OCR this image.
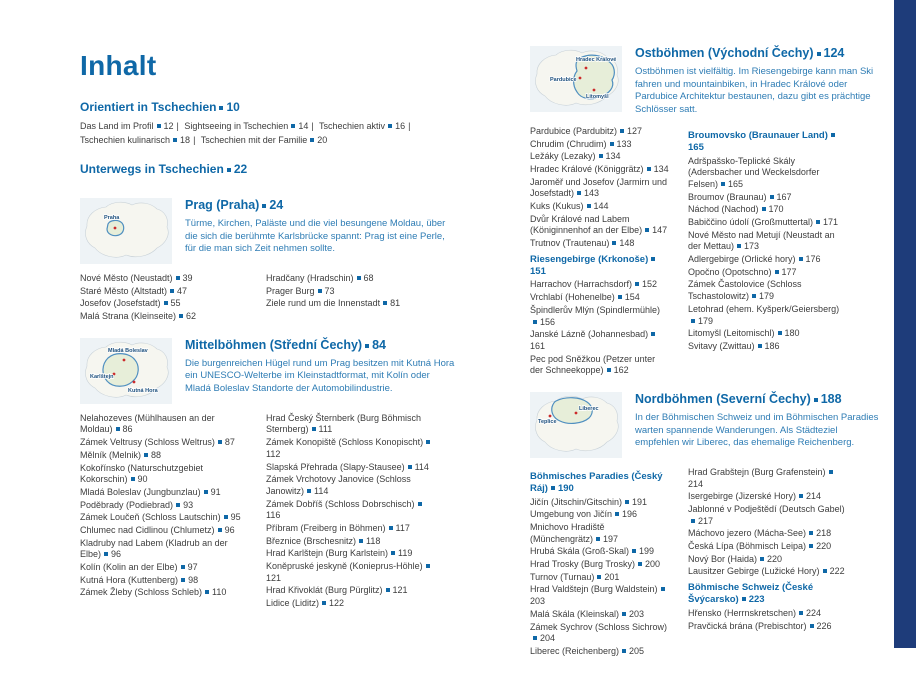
Inhalt
Orientiert in Tschechien 10
Das Land im Profil 12 | Sightseeing in Tschechien 14 | Tschechien aktiv 16 | Tschechien kulinarisch 18 | Tschechien mit der Familie 20
Unterwegs in Tschechien 22
Praha
Prag (Praha) 24

Türme, Kirchen, Paläste und die viel besungene Moldau, über die sich die berühmte Karlsbrücke spannt: Prag ist eine Perle, für die man sich Zeit nehmen sollte.

Nové Město (Neustadt) 39
Staré Město (Altstadt) 47
Josefov (Josefstadt) 55
Malá Strana (Kleinseite) 62
Hradčany (Hradschin) 68
Prager Burg 73
Ziele rund um die Innenstadt 81
Mladá Boleslav
Karlštejn
Kutná Hora
Mittelböhmen (Střední Čechy) 84

Die burgenreichen Hügel rund um Prag besitzen mit Kutná Hora ein UNESCO-Welterbe im Kleinstadtformat, mit Kolín oder Mladá Boleslav Standorte der Automobilindustrie.

Nelahozeves (Mühlhausen an der Moldau) 86
Zámek Veltrusy (Schloss Weltrus) 87
Mělník (Melnik) 88
Kokořínsko (Naturschutzgebiet Kokorschin) 90
Mladá Boleslav (Jungbunzlau) 91
Poděbrady (Podiebrad) 93
Zámek Loučeň (Schloss Lautschin) 95
Chlumec nad Cidlinou (Chlumetz) 96
Kladruby nad Labem (Kladrub an der Elbe) 96
Kolín (Kolin an der Elbe) 97
Kutná Hora (Kuttenberg) 98
Zámek Žleby (Schloss Schleb) 110
Hrad Český Šternberk (Burg Böhmisch Sternberg) 111
Zámek Konopiště (Schloss Konopischt)112
Slapská Přehrada (Slapy-Stausee) 114
Zámek Vrchotovy Janovice (Schloss Janowitz) 114
Zámek Dobříš (Schloss Dobrschisch)116
Příbram (Freiberg in Böhmen) 117
Březnice (Brschesnitz) 118
Hrad Karlštejn (Burg Karlstein) 119
Koněpruské jeskyně (Konieprus-Höhle)121
Hrad Křivoklát (Burg Pürglitz) 121
Lidice (Liditz) 122
Hradec Králové
Pardubice
Litomyšl
Ostböhmen (Východní Čechy) 124

Ostböhmen ist vielfältig. Im Riesengebirge kann man Ski fahren und mountainbiken, in Hradec Králové oder Pardubice Architektur bestaunen, dazu gibt es prächtige Schlösser satt.

Pardubice (Pardubitz) 127
Chrudim (Chrudim) 133
Ležáky (Lezaky) 134
Hradec Králové (Königgrätz) 134
Jaroměř und Josefov (Jarmirn und Josefstadt) 143
Kuks (Kukus) 144
Dvůr Králové nad Labem (Königinnenhof an der Elbe) 147
Trutnov (Trautenau) 148
Riesengebirge (Krkonoše)151
Harrachov (Harrachsdorf) 152
Vrchlabí (Hohenelbe) 154
Špindlerův Mlýn (Spindlermühle)156
Janské Lázně (Johannesbad)161
Pec pod Sněžkou (Petzer unter der Schneekoppe) 162
Broumovsko (Braunauer Land)165
Adršpašsko-Teplické Skály (Adersbacher und Weckelsdorfer Felsen) 165
Broumov (Braunau) 167
Náchod (Nachod) 170
Babiččino údolí (Großmuttertal) 171
Nové Město nad Metují (Neustadt an der Mettau) 173
Adlergebirge (Orlické hory) 176
Opočno (Opotschno) 177
Zámek Častolovice (Schloss Tschastolowitz) 179
Letohrad (ehem. Kyšperk/Geiersberg)179
Litomyšl (Leitomischl) 180
Svitavy (Zwittau) 186
Liberec
Teplice
Nordböhmen (Severní Čechy) 188

In der Böhmischen Schweiz und im Böhmischen Paradies warten spannende Wanderungen. Als Städteziel empfehlen wir Liberec, das ehemalige Reichenberg.

Böhmisches Paradies (Český Ráj) 190
Jičín (Jitschin/Gitschin) 191
Umgebung von Jičín 196
Mnichovo Hradiště (Münchengrätz) 197
Hrubá Skála (Groß-Skal) 199
Hrad Trosky (Burg Trosky) 200
Turnov (Turnau) 201
Hrad Valdštejn (Burg Waldstein)203
Malá Skála (Kleinskal) 203
Zámek Sychrov (Schloss Sichrow)204
Liberec (Reichenberg) 205
Hrad Grabštejn (Burg Grafenstein)214
Isergebirge (Jizerské Hory) 214
Jablonné v Podještědí (Deutsch Gabel)217
Máchovo jezero (Mácha-See) 218
Česká Lípa (Böhmisch Leipa) 220
Nový Bor (Haida) 220
Lausitzer Gebirge (Lužické Hory) 222
Böhmische Schweiz (České Švýcarsko) 223
Hřensko (Herrnskretschen) 224
Pravčická brána (Prebischtor) 226
